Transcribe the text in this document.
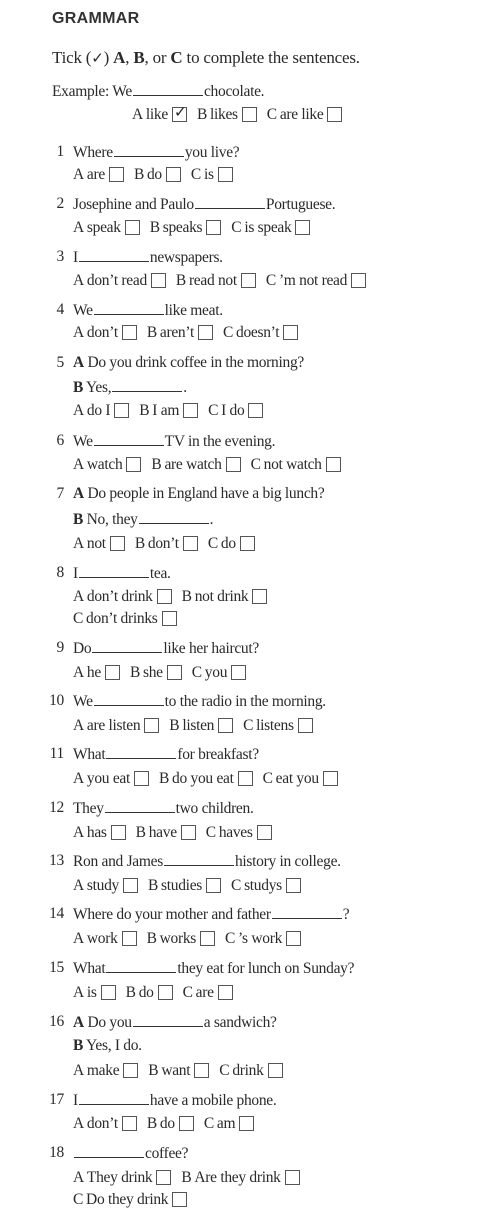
GRAMMAR
Tick (✓) A, B, or C to complete the sentences.
Example: We	chocolate.
A like ✓ B likes C are like
1 Where	you live?
A are B do C is
2 Josephine and Paulo	Portuguese.
A speak B speaks C is speak
3 I	newspapers.
A don’t read B read not C ’m not read
4 We	like meat.
A don’t B aren’t C doesn’t
5 A Do you drink coffee in the morning?
B Yes,	.
A do I B I am C I do
6 We	TV in the evening.
A watch B are watch C not watch
7 A Do people in England have a big lunch?
B No, they	.
A not B don’t C do
8 I	tea.
A don’t drink B not drink
C don’t drinks
9 Do	like her haircut?
A he B she C you
10 We	to the radio in the morning.
A are listen B listen C listens
11 What	for breakfast?
A you eat B do you eat C eat you
12 They	two children.
A has B have C haves
13 Ron and James	history in college.
A study B studies C studys
14 Where do your mother and father	?
A work B works C ’s work
15 What	they eat for lunch on Sunday?
A is B do C are
16 A Do you	a sandwich?
B Yes, I do.
A make B want C drink
17 I	have a mobile phone.
A don’t B do C am
18	coffee?
A They drink B Are they drink
C Do they drink
